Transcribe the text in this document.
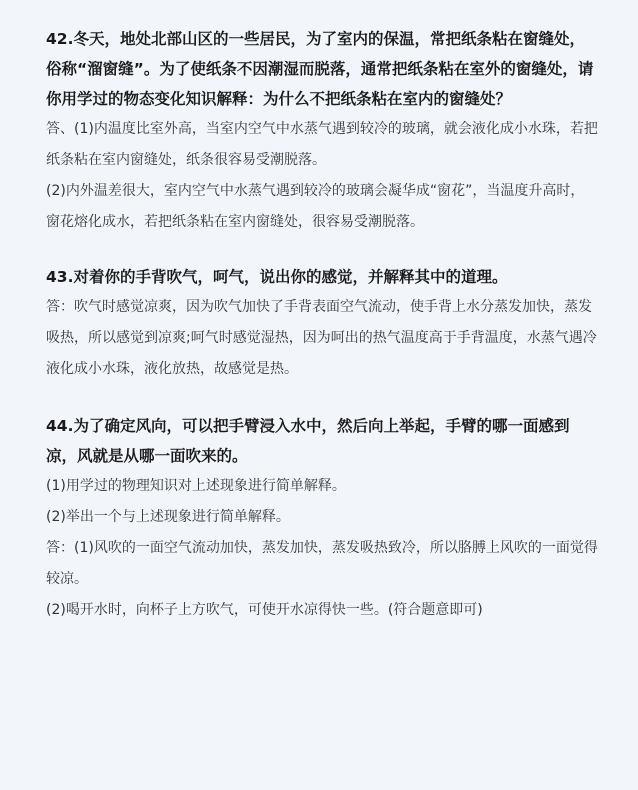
42.冬天，地处北部山区的一些居民，为了室内的保温，常把纸条粘在窗缝处，俗称“溜窗缝”。为了使纸条不因潮湿而脱落，通常把纸条粘在室外的窗缝处，请你用学过的物态变化知识解释：为什么不把纸条粘在室内的窗缝处？

答、(1)内温度比室外高，当室内空气中水蒸气遇到较冷的玻璃，就会液化成小水珠，若把纸条粘在室内窗缝处，纸条很容易受潮脱落。

(2)内外温差很大，室内空气中水蒸气遇到较冷的玻璃会凝华成“窗花”，当温度升高时，窗花熔化成水，若把纸条粘在室内窗缝处，很容易受潮脱落。

43.对着你的手背吹气，呵气，说出你的感觉，并解释其中的道理。

答：吹气时感觉凉爽，因为吹气加快了手背表面空气流动，使手背上水分蒸发加快，蒸发吸热，所以感觉到凉爽;呵气时感觉湿热，因为呵出的热气温度高于手背温度，水蒸气遇冷液化成小水珠，液化放热，故感觉是热。

44.为了确定风向，可以把手臂浸入水中，然后向上举起，手臂的哪一面感到凉，风就是从哪一面吹来的。

(1)用学过的物理知识对上述现象进行简单解释。

(2)举出一个与上述现象进行简单解释。

答：(1)风吹的一面空气流动加快，蒸发加快，蒸发吸热致冷，所以胳膊上风吹的一面觉得较凉。

(2)喝开水时，向杯子上方吹气，可使开水凉得快一些。(符合题意即可)
